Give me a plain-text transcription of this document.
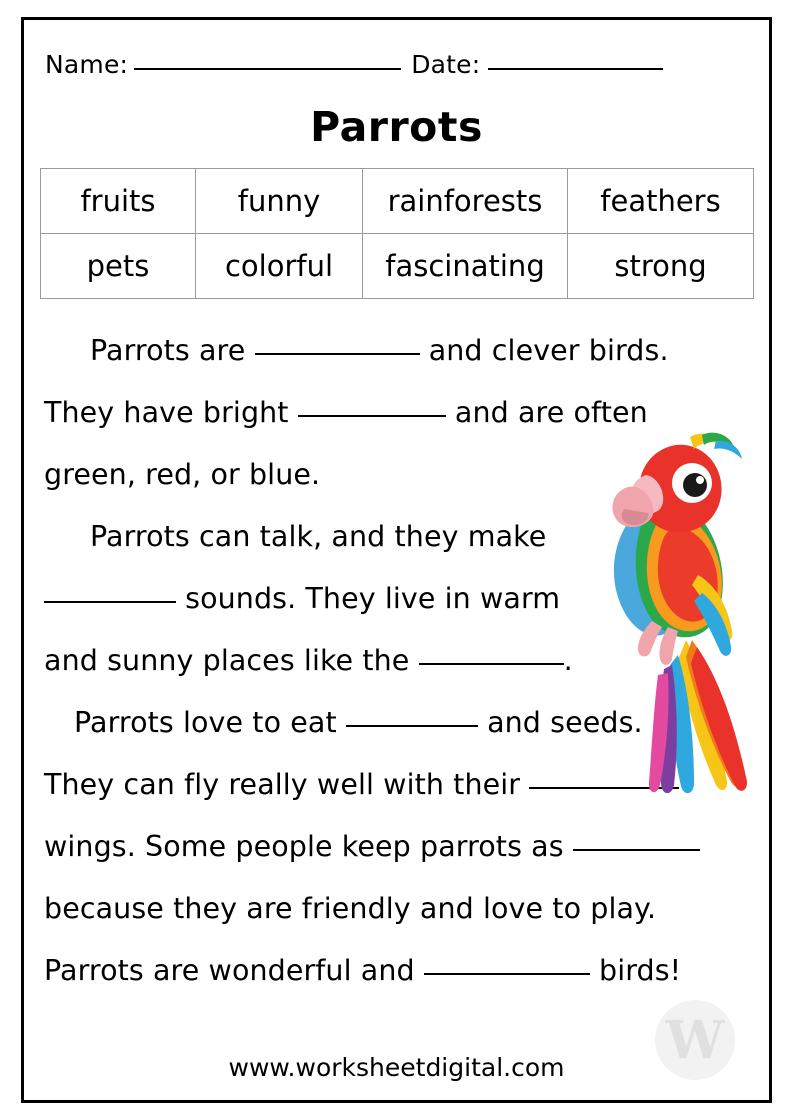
Name:	Date:
Parrots
fruits	funny	rainforests	feathers
pets	colorful	fascinating	strong

Parrots are	and clever birds.

They have bright	and are often

green, red, or blue.

Parrots can talk, and they make

sounds. They live in warm

and sunny places like the	.

Parrots love to eat	and seeds.

They can fly really well with their

wings. Some people keep parrots as

because they are friendly and love to play.

Parrots are wonderful and	birds!

W
www.worksheetdigital.com
